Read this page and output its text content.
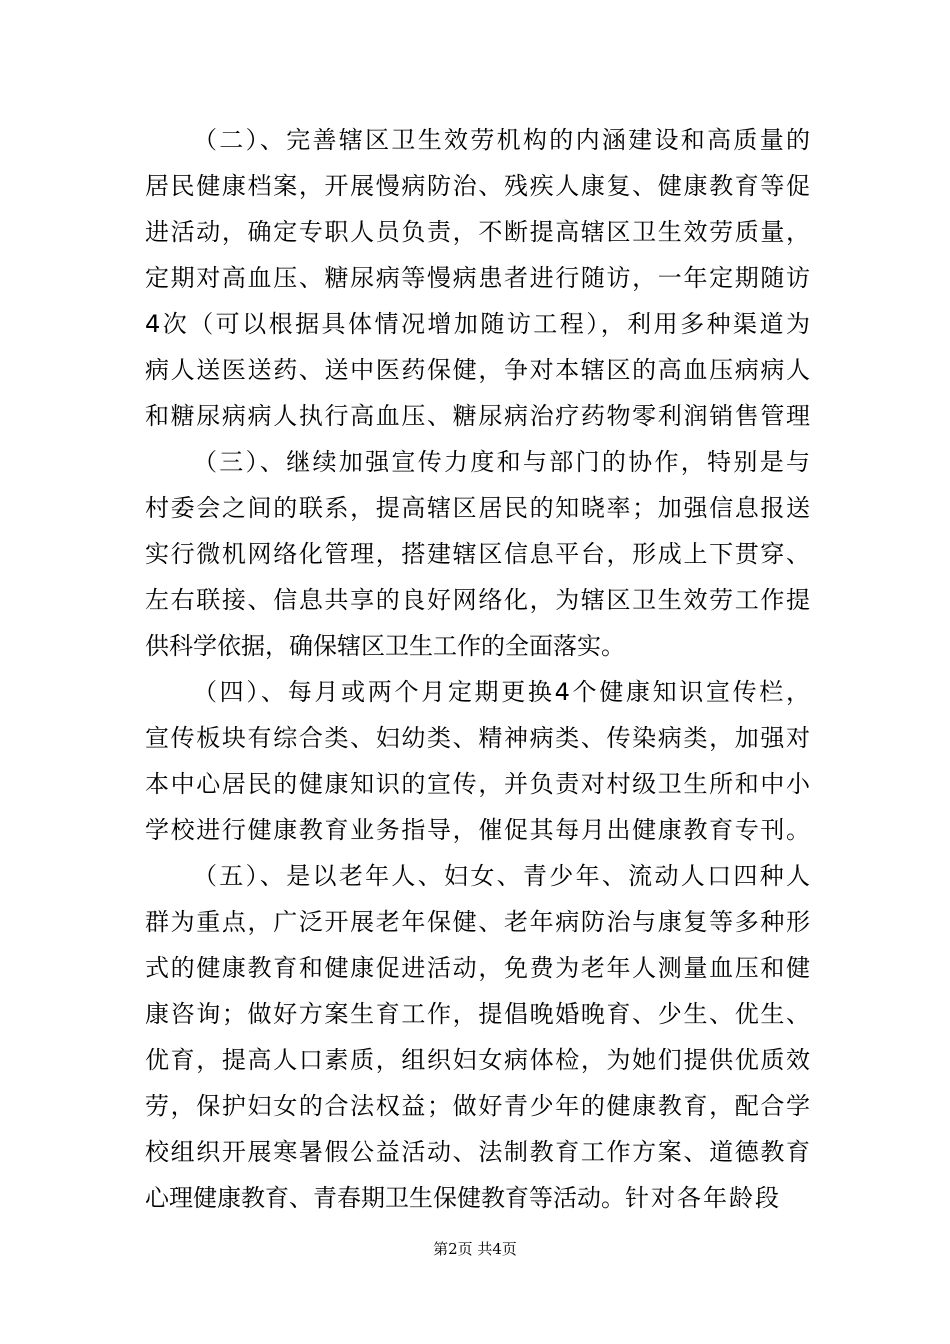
（二）、完善辖区卫生效劳机构的内涵建设和高质量的
居民健康档案，开展慢病防治、残疾人康复、健康教育等促
进活动，确定专职人员负责，不断提高辖区卫生效劳质量，
定期对高血压、糖尿病等慢病患者进行随访，一年定期随访
4次（可以根据具体情况增加随访工程），利用多种渠道为
病人送医送药、送中医药保健，争对本辖区的高血压病病人
和糖尿病病人执行高血压、糖尿病治疗药物零利润销售管理
（三）、继续加强宣传力度和与部门的协作，特别是与
村委会之间的联系，提高辖区居民的知晓率；加强信息报送
实行微机网络化管理，搭建辖区信息平台，形成上下贯穿、
左右联接、信息共享的良好网络化，为辖区卫生效劳工作提
供科学依据，确保辖区卫生工作的全面落实。
（四）、每月或两个月定期更换4个健康知识宣传栏，
宣传板块有综合类、妇幼类、精神病类、传染病类，加强对
本中心居民的健康知识的宣传，并负责对村级卫生所和中小
学校进行健康教育业务指导，催促其每月出健康教育专刊。
（五）、是以老年人、妇女、青少年、流动人口四种人
群为重点，广泛开展老年保健、老年病防治与康复等多种形
式的健康教育和健康促进活动，免费为老年人测量血压和健
康咨询；做好方案生育工作，提倡晚婚晚育、少生、优生、
优育，提高人口素质，组织妇女病体检，为她们提供优质效
劳，保护妇女的合法权益；做好青少年的健康教育，配合学
校组织开展寒暑假公益活动、法制教育工作方案、道德教育
心理健康教育、青春期卫生保健教育等活动。针对各年龄段
第2页 共4页
